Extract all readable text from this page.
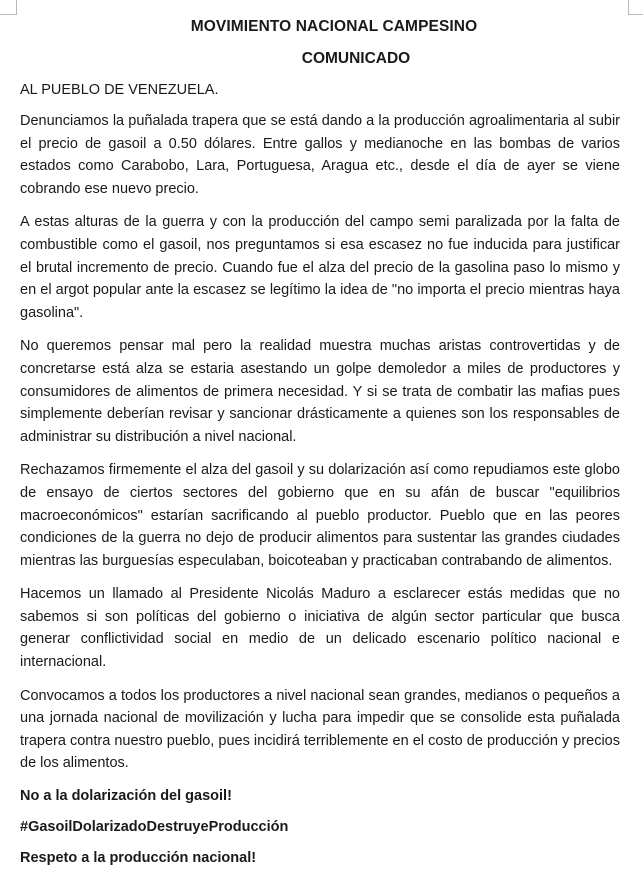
MOVIMIENTO NACIONAL CAMPESINO
COMUNICADO
AL PUEBLO DE VENEZUELA.

Denunciamos la puñalada trapera que se está dando a la producción agroalimentaria al subir el precio de gasoil a 0.50 dólares. Entre gallos y medianoche en las bombas de varios estados como Carabobo, Lara, Portuguesa, Aragua etc., desde el día de ayer se viene cobrando ese nuevo precio.

A estas alturas de la guerra y con la producción del campo semi paralizada por la falta de combustible como el gasoil, nos preguntamos si esa escasez no fue inducida para justificar el brutal incremento de precio. Cuando fue el alza del precio de la gasolina paso lo mismo y en el argot popular ante la escasez se legítimo la idea de "no importa el precio mientras haya gasolina".

No queremos pensar mal pero la realidad muestra muchas aristas controvertidas y de concretarse está alza se estaria asestando un golpe demoledor a miles de productores y consumidores de alimentos de primera necesidad. Y si se trata de combatir las mafias pues simplemente deberían revisar y sancionar drásticamente a quienes son los responsables de administrar su distribución a nivel nacional.

Rechazamos firmemente el alza del gasoil y su dolarización así como repudiamos este globo de ensayo de ciertos sectores del gobierno que en su afán de buscar "equilibrios macroeconómicos" estarían sacrificando al pueblo productor. Pueblo que en las peores condiciones de la guerra no dejo de producir alimentos para sustentar las grandes ciudades mientras las burguesías especulaban, boicoteaban y practicaban contrabando de alimentos.

Hacemos un llamado al Presidente Nicolás Maduro a esclarecer estás medidas que no sabemos si son políticas del gobierno o iniciativa de algún sector particular que busca generar conflictividad social en medio de un delicado escenario político nacional e internacional.

Convocamos a todos los productores a nivel nacional sean grandes, medianos o pequeños a una jornada nacional de movilización y lucha para impedir que se consolide esta puñalada trapera contra nuestro pueblo, pues incidirá terriblemente en el costo de producción y precios de los alimentos.

No a la dolarización del gasoil!
#GasoilDolarizadoDestruyeProducción
Respeto a la producción nacional!
